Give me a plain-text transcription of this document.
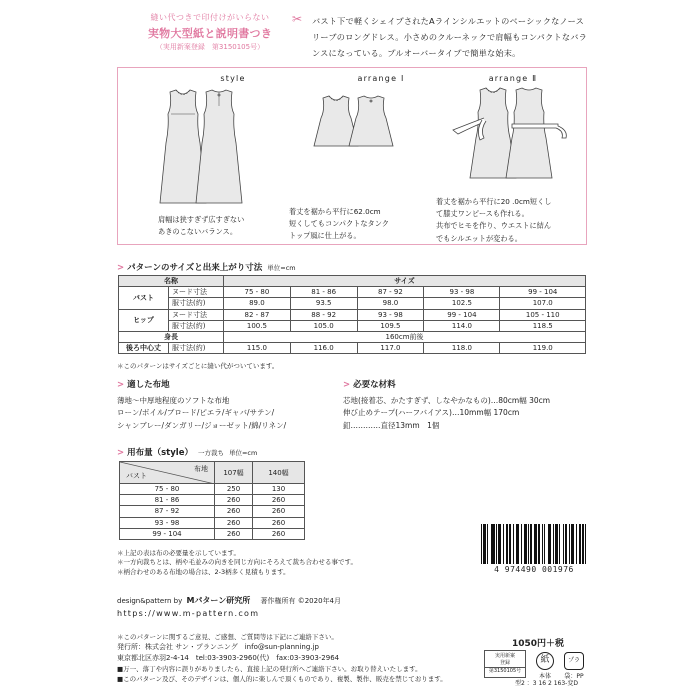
縫い代つきで印付けがいらない
実物大型紙と説明書つき
（実用新案登録　第3150105号）
✂ バスト下で軽くシェイプされたAラインシルエットのベーシックなノースリーブのロングドレス。小さめのクルーネックで肩幅もコンパクトなバランスになっている。プルオーバータイプで簡単な始末。
style	arrange Ⅰ	arrange Ⅱ
肩幅は狭すぎず広すぎない
あきのこないバランス。
着丈を裾から平行に62.0cm
短くしてもコンパクトなタンク
トップ風に仕上がる。
着丈を裾から平行に20 .0cm短くし
て膝丈ワンピースも作れる。
共布でヒモを作り、ウエストに結ん
でもシルエットが変わる。
> パターンのサイズと出来上がり寸法 単位=cm
名称		サイズ				
バスト	ヌード寸法	75 - 80	81 - 86	87 - 92	93 - 98	99 - 104
	服寸法(約)	89.0	93.5	98.0	102.5	107.0
ヒップ	ヌード寸法	82 - 87	88 - 92	93 - 98	99 - 104	105 - 110
	服寸法(約)	100.5	105.0	109.5	114.0	118.5
身長		160cm前後				
後ろ中心丈	服寸法(約)	115.0	116.0	117.0	118.0	119.0
＊このパターンはサイズごとに縫い代がついています。
> 適した布地
薄地〜中厚地程度のソフトな布地
ローン/ボイル/ブロード/ピエラ/ギャバ/サテン/
シャンブレー/ダンガリー/ジョーゼット/綿/リネン/
> 必要な材料
芯地(接着芯、かたすぎず、しなやかなもの)…80cm幅 30cm
伸び止めテープ(ハーフバイアス)…10mm幅 170cm
釦…………直径13mm　1個
> 用布量（style） 一方裁ち 単位=cm
布地
バスト	107幅	140幅
75 - 80	250	130
81 - 86	260	260
87 - 92	260	260
93 - 98	260	260
99 - 104	260	260
＊上記の表は布の必要量を示しています。
＊一方向裁ちとは、柄や毛並みの向きを同じ方向にそろえて裁ち合わせる事です。
＊柄合わせのある布地の場合は、2-3柄多く見積もります。	4 974490 001976
design&pattern by Mパターン研究所 著作権所有 ©2020年4月
https://www.m-pattern.com
＊このパターンに関するご意見、ご感想、ご質問等は下記にご連絡下さい。
発行所：株式会社 サン・プランニング　info@sun-planning.jp
東京都北区赤羽2-4-14　tel:03-3903-2960(代)　fax:03-3903-2964
■万一、落丁や内容に誤りがありましたら、直接上記の発行所へご連絡下さい。お取り替えいたします。
■このパターン及び、そのデザインは、個人的に楽しんで頂くものであり、複製、製作、販売を禁じております。
型2 ：3 16 2 163-変D
1050円＋税
実用新案
登録
第3150105号
紙
本体
プラ
袋：PP
